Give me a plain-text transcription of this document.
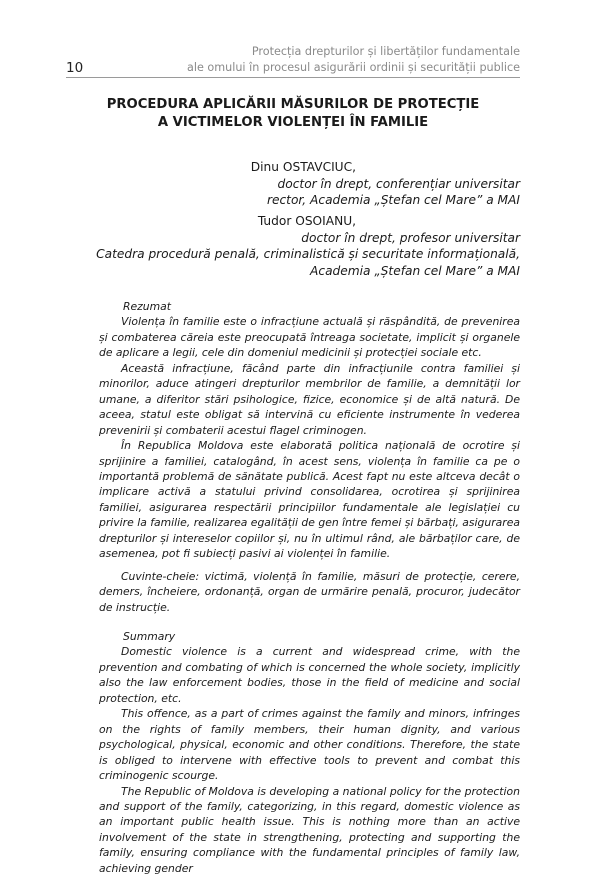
10
Protecția drepturilor și libertăților fundamentale
ale omului în procesul asigurării ordinii și securității publice
PROCEDURA APLICĂRII MĂSURILOR DE PROTECȚIE
A VICTIMELOR VIOLENȚEI ÎN FAMILIE
Dinu OSTAVCIUC,
doctor în drept, conferențiar universitar
rector, Academia „Ștefan cel Mare” a MAI
Tudor OSOIANU,
doctor în drept, profesor universitar
Catedra procedură penală, criminalistică și securitate informațională,
Academia „Ștefan cel Mare” a MAI

Rezumat

Violența în familie este o infracțiune actuală și răspândită, de prevenirea și combaterea căreia este preocupată întreaga societate, implicit și organele de aplicare a legii, cele din domeniul medicinii și protecției sociale etc.

Această infracțiune, făcând parte din infracțiunile contra familiei și minorilor, aduce atingeri drepturilor membrilor de familie, a demnității lor umane, a diferitor stări psihologice, fizice, economice și de altă natură. De aceea, statul este obligat să intervină cu eficiente instrumente în vederea prevenirii și combaterii acestui flagel criminogen.

În Republica Moldova este elaborată politica națională de ocrotire și sprijinire a familiei, catalogând, în acest sens, violența în familie ca pe o importantă problemă de sănătate publică. Acest fapt nu este altceva decât o implicare activă a statului privind consolidarea, ocrotirea și sprijinirea familiei, asigurarea respectării principiilor fundamentale ale legislației cu privire la familie, realizarea egalității de gen între femei și bărbați, asigurarea drepturilor și intereselor copiilor și, nu în ultimul rând, ale bărbaților care, de asemenea, pot fi subiecți pasivi ai violenței în familie.

Cuvinte-cheie: victimă, violență în familie, măsuri de protecție, cerere, demers, încheiere, ordonanță, organ de urmărire penală, procuror, judecător de instrucție.

Summary

Domestic violence is a current and widespread crime, with the prevention and combating of which is concerned the whole society, implicitly also the law enforcement bodies, those in the field of medicine and social protection, etc.

This offence, as a part of crimes against the family and minors, infringes on the rights of family members, their human dignity, and various psychological, physical, economic and other conditions. Therefore, the state is obliged to intervene with effective tools to prevent and combat this criminogenic scourge.

The Republic of Moldova is developing a national policy for the protection and support of the family, categorizing, in this regard, domestic violence as an important public health issue. This is nothing more than an active involvement of the state in strengthening, protecting and supporting the family, ensuring compliance with the fundamental principles of family law, achieving gender
